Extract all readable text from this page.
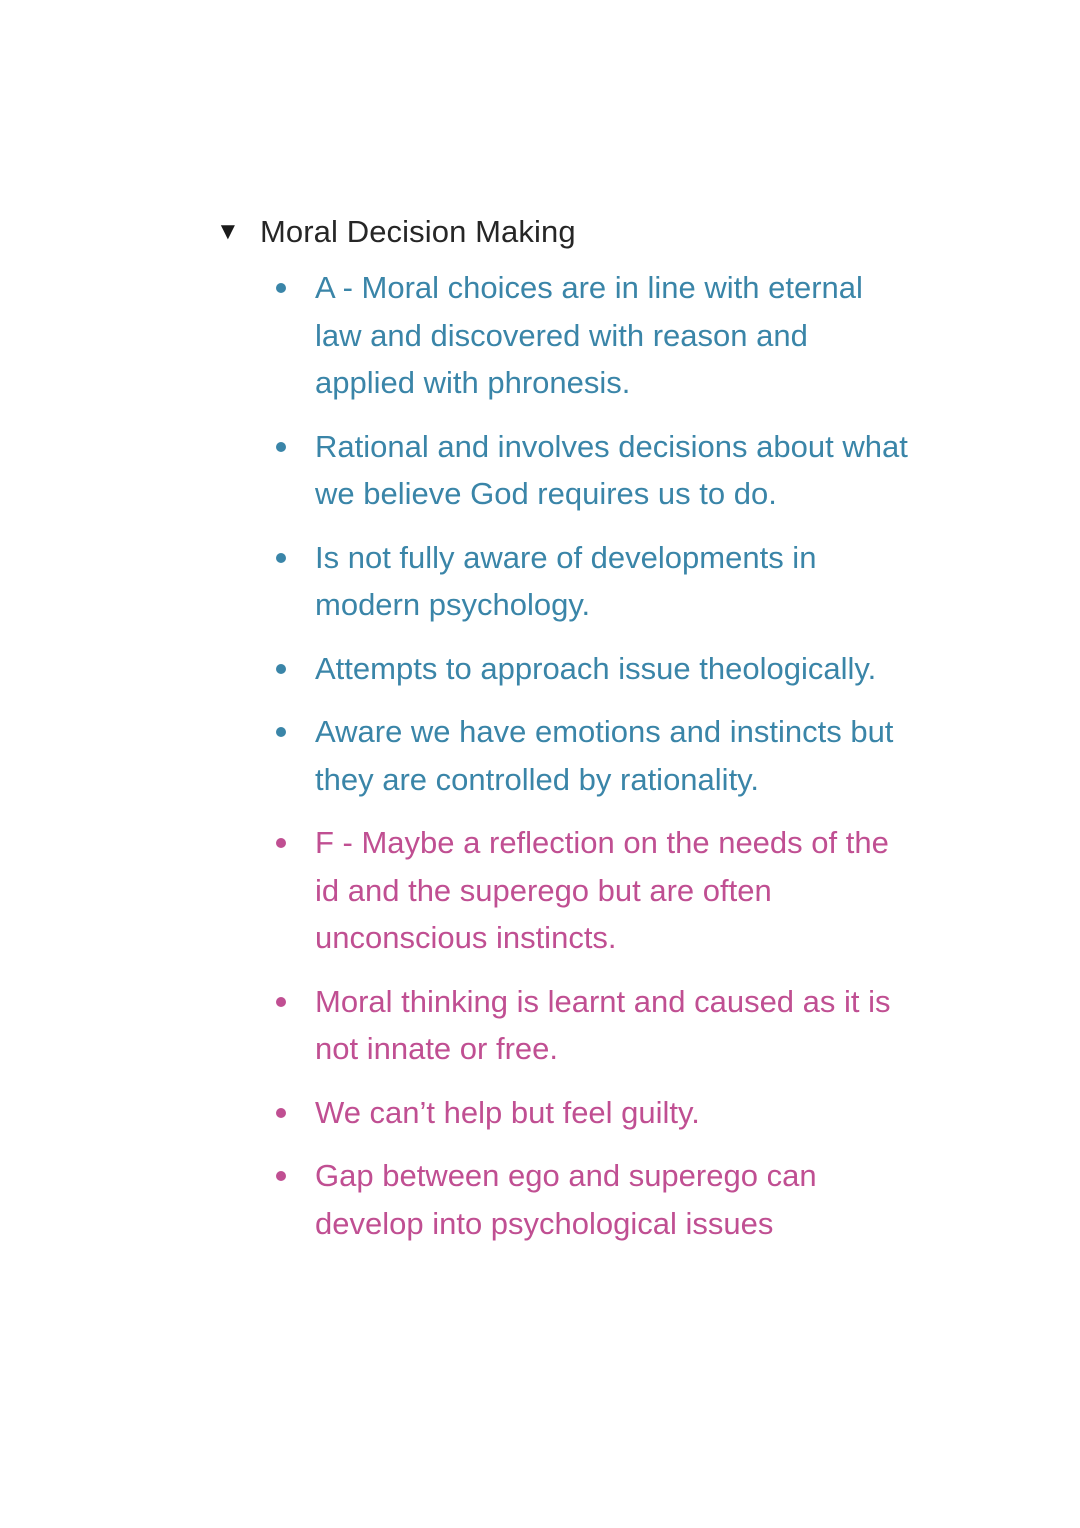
▼ Moral Decision Making
A - Moral choices are in line with eternal law and discovered with reason and applied with phronesis.
Rational and involves decisions about what we believe God requires us to do.
Is not fully aware of developments in modern psychology.
Attempts to approach issue theologically.
Aware we have emotions and instincts but they are controlled by rationality.
F - Maybe a reflection on the needs of the id and the superego but are often unconscious instincts.
Moral thinking is learnt and caused as it is not innate or free.
We can’t help but feel guilty.
Gap between ego and superego can develop into psychological issues
